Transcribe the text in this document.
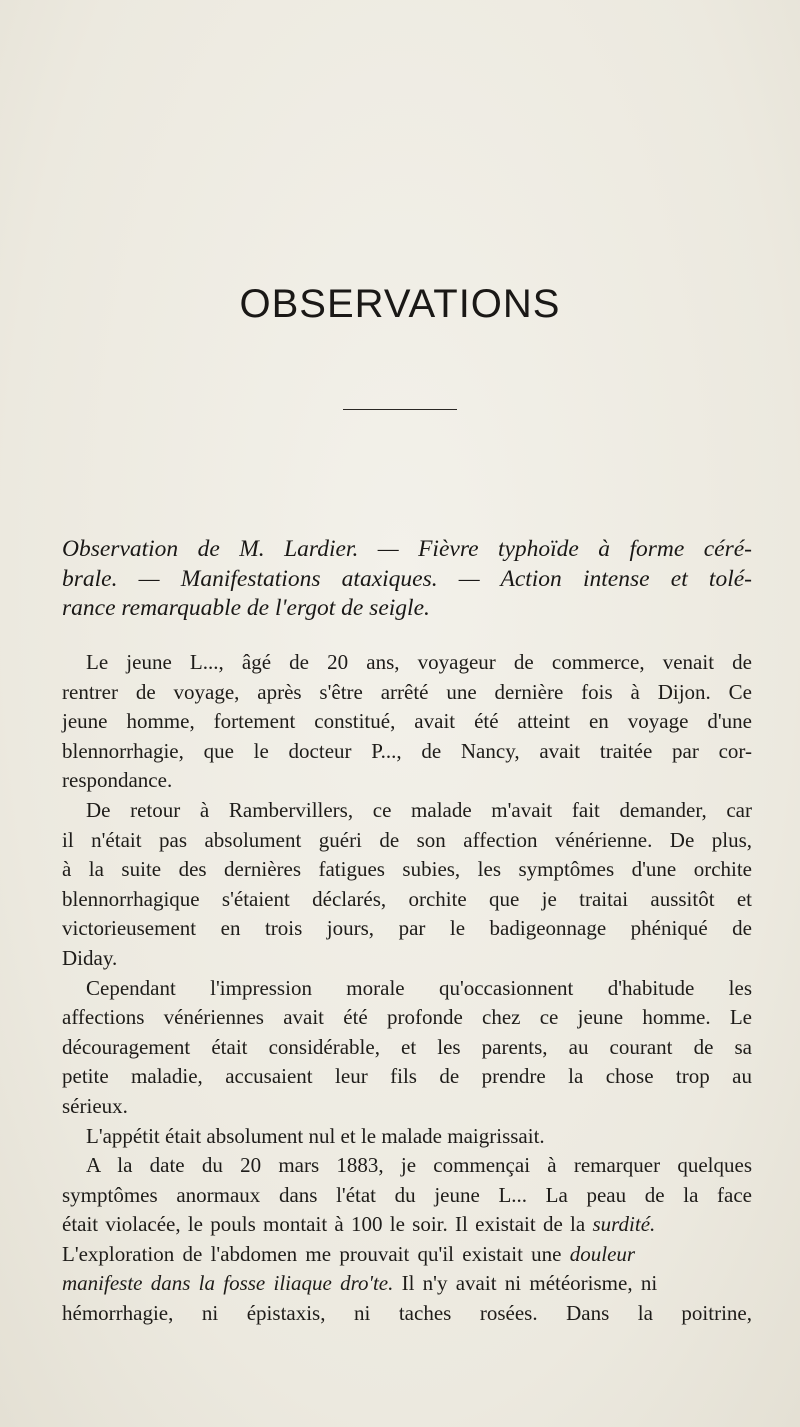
OBSERVATIONS
Observation de M. Lardier. — Fièvre typhoïde à forme céré-
brale. — Manifestations ataxiques. — Action intense et tolé-
rance remarquable de l'ergot de seigle.
Le jeune L..., âgé de 20 ans, voyageur de commerce, venait de
rentrer de voyage, après s'être arrêté une dernière fois à Dijon. Ce
jeune homme, fortement constitué, avait été atteint en voyage d'une
blennorrhagie, que le docteur P..., de Nancy, avait traitée par cor-
respondance.
De retour à Rambervillers, ce malade m'avait fait demander, car
il n'était pas absolument guéri de son affection vénérienne. De plus,
à la suite des dernières fatigues subies, les symptômes d'une orchite
blennorrhagique s'étaient déclarés, orchite que je traitai aussitôt et
victorieusement en trois jours, par le badigeonnage phéniqué de
Diday.
Cependant l'impression morale qu'occasionnent d'habitude les
affections vénériennes avait été profonde chez ce jeune homme. Le
découragement était considérable, et les parents, au courant de sa
petite maladie, accusaient leur fils de prendre la chose trop au
sérieux.
L'appétit était absolument nul et le malade maigrissait.
A la date du 20 mars 1883, je commençai à remarquer quelques
symptômes anormaux dans l'état du jeune L... La peau de la face
était violacée, le pouls montait à 100 le soir. Il existait de la surdité.
L'exploration de l'abdomen me prouvait qu'il existait une douleur
manifeste dans la fosse iliaque dro'te. Il n'y avait ni météorisme, ni
hémorrhagie, ni épistaxis, ni taches rosées. Dans la poitrine,
